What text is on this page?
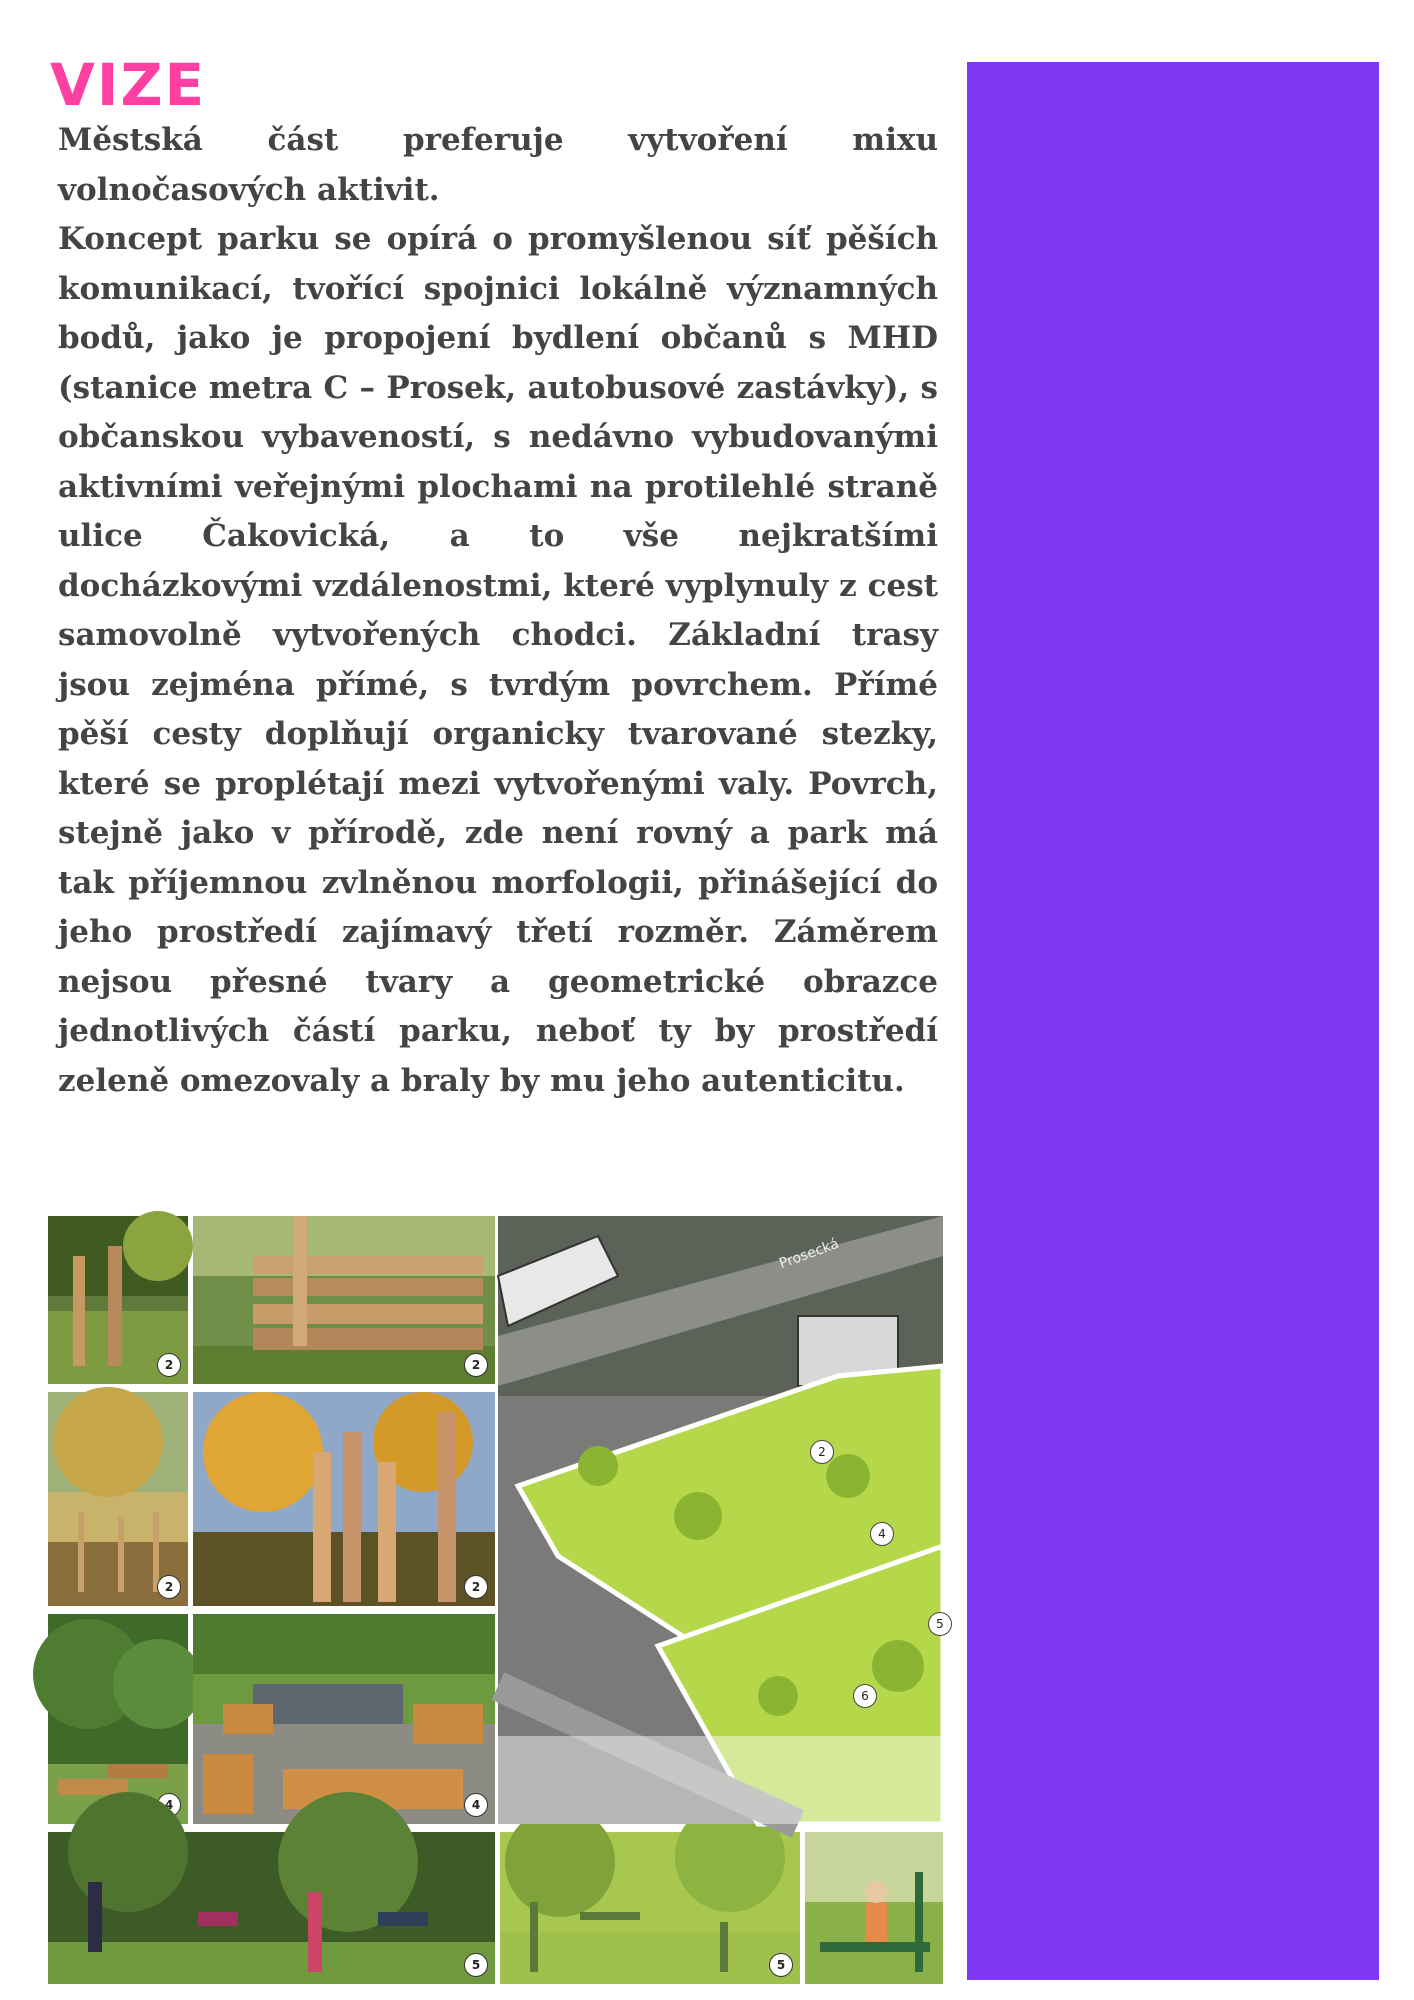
VIZE

Městská část preferuje vytvoření mixu volnočasových aktivit.

Koncept parku se opírá o promyšlenou síť pěších komunikací, tvořící spojnici lokálně významných bodů, jako je propojení bydlení občanů s MHD (stanice metra C – Prosek, autobusové zastávky), s občanskou vybaveností, s nedávno vybudovanými aktivními veřejnými plochami na protilehlé straně ulice Čakovická, a to vše nejkratšími docházkovými vzdálenostmi, které vyplynuly z cest samovolně vytvořených chodci. Základní trasy jsou zejména přímé, s tvrdým povrchem. Přímé pěší cesty doplňují organicky tvarované stezky, které se proplétají mezi vytvořenými valy. Povrch, stejně jako v přírodě, zde není rovný a park má tak příjemnou zvlněnou morfologii, přinášející do jeho prostředí zajímavý třetí rozměr. Záměrem nejsou přesné tvary a geometrické obrazce jednotlivých částí parku, neboť ty by prostředí zeleně omezovaly a braly by mu jeho autenticitu.

2	2
2	2
4	4
5	5
Prosecká
2
4
6
5
